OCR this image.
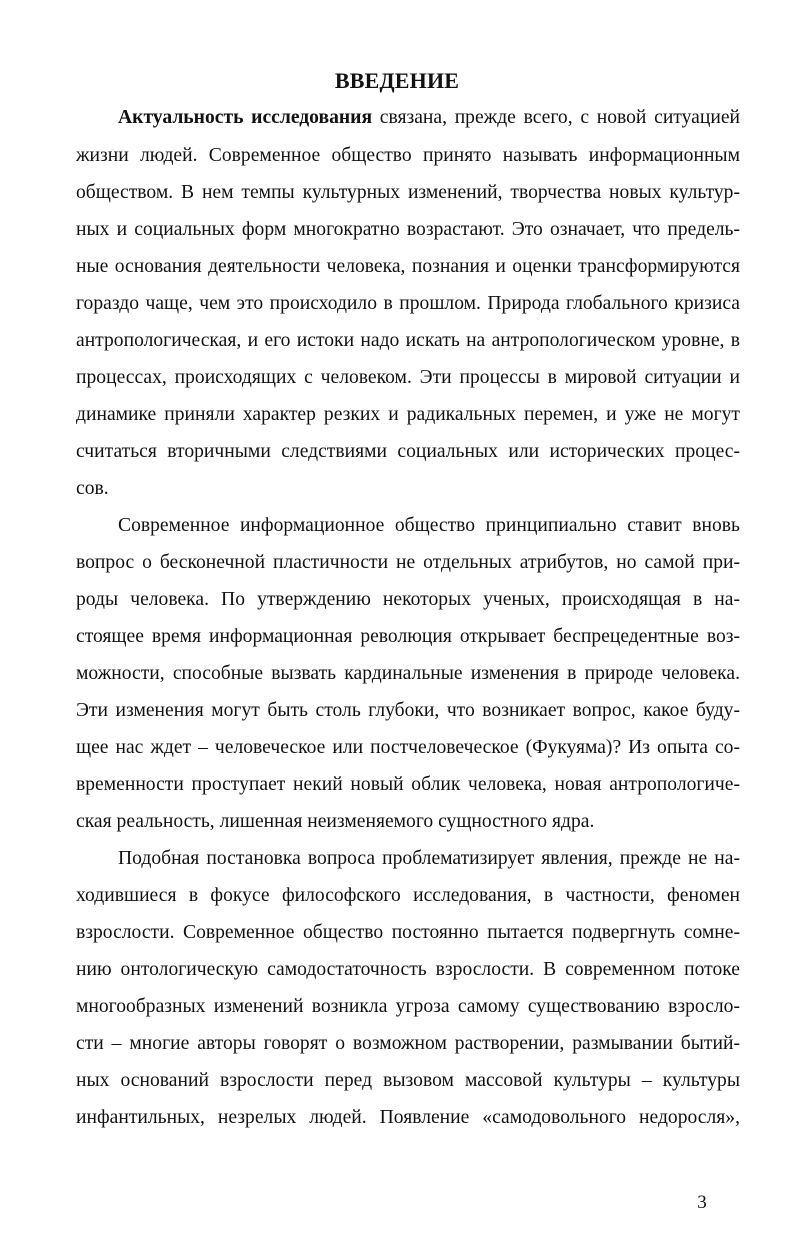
ВВЕДЕНИЕ
Актуальность исследования связана, прежде всего, с новой ситуацией
жизни людей. Современное общество принято называть информационным
обществом. В нем темпы культурных изменений, творчества новых культур-
ных и социальных форм многократно возрастают. Это означает, что предель-
ные основания деятельности человека, познания и оценки трансформируются
гораздо чаще, чем это происходило в прошлом. Природа глобального кризиса
антропологическая, и его истоки надо искать на антропологическом уровне, в
процессах, происходящих с человеком. Эти процессы в мировой ситуации и
динамике приняли характер резких и радикальных перемен, и уже не могут
считаться вторичными следствиями социальных или исторических процес-
сов.
Современное информационное общество принципиально ставит вновь
вопрос о бесконечной пластичности не отдельных атрибутов, но самой при-
роды человека. По утверждению некоторых ученых, происходящая в на-
стоящее время информационная революция открывает беспрецедентные воз-
можности, способные вызвать кардинальные изменения в природе человека.
Эти изменения могут быть столь глубоки, что возникает вопрос, какое буду-
щее нас ждет – человеческое или постчеловеческое (Фукуяма)? Из опыта со-
временности проступает некий новый облик человека, новая антропологиче-
ская реальность, лишенная неизменяемого сущностного ядра.
Подобная постановка вопроса проблематизирует явления, прежде не на-
ходившиеся в фокусе философского исследования, в частности, феномен
взрослости. Современное общество постоянно пытается подвергнуть сомне-
нию онтологическую самодостаточность взрослости. В современном потоке
многообразных изменений возникла угроза самому существованию взросло-
сти – многие авторы говорят о возможном растворении, размывании бытий-
ных оснований взрослости перед вызовом массовой культуры – культуры
инфантильных, незрелых людей. Появление «самодовольного недоросля»,
3
